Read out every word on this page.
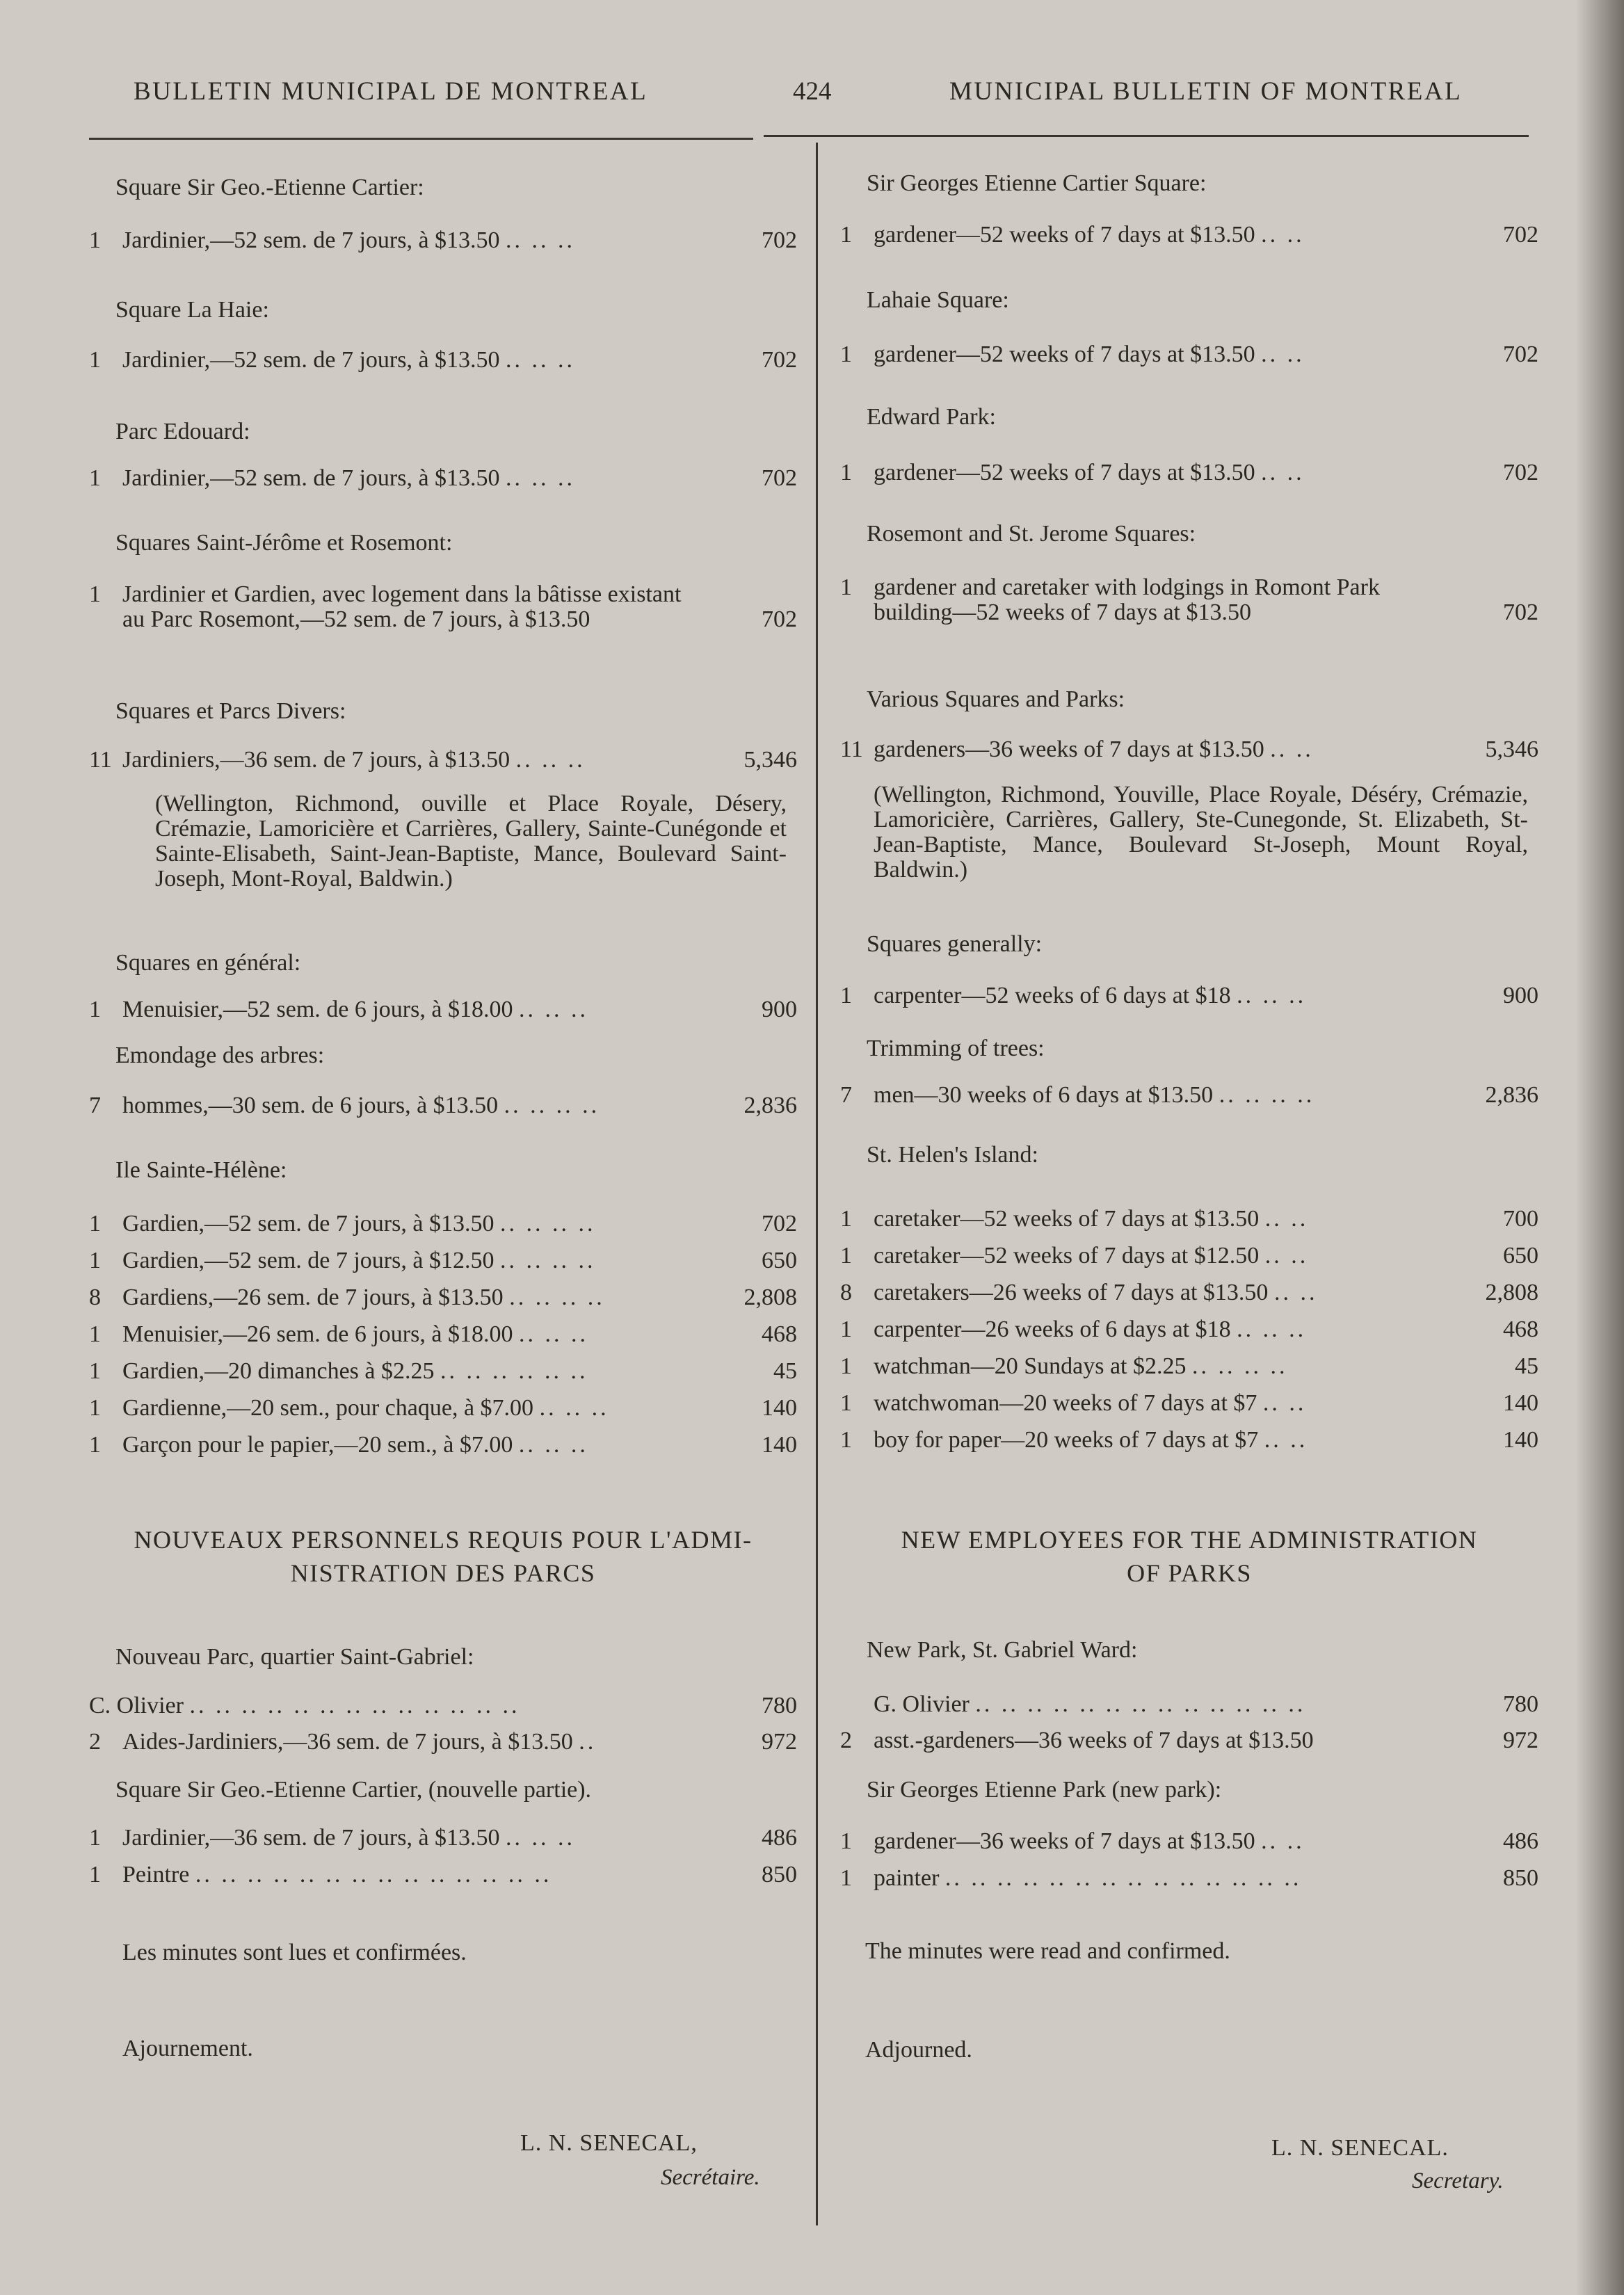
BULLETIN MUNICIPAL DE MONTREAL	424	MUNICIPAL BULLETIN OF MONTREAL
Square Sir Geo.-Etienne Cartier:
1 Jardinier,—52 sem. de 7 jours, à $13.50 .. .. ..	702
Square La Haie:
1 Jardinier,—52 sem. de 7 jours, à $13.50 .. .. ..	702
Parc Edouard:
1 Jardinier,—52 sem. de 7 jours, à $13.50 .. .. ..	702
Squares Saint-Jérôme et Rosemont:
1 Jardinier et Gardien, avec logement dans la bâtisse existant au Parc Rosemont,—52 sem. de 7 jours, à $13.50	702
Squares et Parcs Divers:
11 Jardiniers,—36 sem. de 7 jours, à $13.50 .. .. ..	5,346
(Wellington, Richmond, ouville et Place Royale, Désery, Crémazie, Lamoricière et Carrières, Gallery, Sainte-Cunégonde et Sainte-Elisabeth, Saint-Jean-Baptiste, Mance, Boulevard Saint-Joseph, Mont-Royal, Baldwin.)
Squares en général:
1 Menuisier,—52 sem. de 6 jours, à $18.00 .. .. ..	900
Emondage des arbres:
7 hommes,—30 sem. de 6 jours, à $13.50 .. .. .. ..	2,836
Ile Sainte-Hélène:
1 Gardien,—52 sem. de 7 jours, à $13.50 .. .. .. ..	702
1 Gardien,—52 sem. de 7 jours, à $12.50 .. .. .. ..	650
8 Gardiens,—26 sem. de 7 jours, à $13.50 .. .. .. ..	2,808
1 Menuisier,—26 sem. de 6 jours, à $18.00 .. .. ..	468
1 Gardien,—20 dimanches à $2.25 .. .. .. .. .. ..	45
1 Gardienne,—20 sem., pour chaque, à $7.00 .. .. ..	140
1 Garçon pour le papier,—20 sem., à $7.00 .. .. ..	140
NOUVEAUX PERSONNELS REQUIS POUR L'ADMI-
NISTRATION DES PARCS
Nouveau Parc, quartier Saint-Gabriel:
C. Olivier .. .. .. .. .. .. .. .. .. .. .. .. ..	780
2 Aides-Jardiniers,—36 sem. de 7 jours, à $13.50 ..	972
Square Sir Geo.-Etienne Cartier, (nouvelle partie).
1 Jardinier,—36 sem. de 7 jours, à $13.50 .. .. ..	486
1 Peintre .. .. .. .. .. .. .. .. .. .. .. .. .. ..	850
Les minutes sont lues et confirmées.
Ajournement.
L. N. SENECAL,
Secrétaire.
Sir Georges Etienne Cartier Square:
1 gardener—52 weeks of 7 days at $13.50 .. ..	702
Lahaie Square:
1 gardener—52 weeks of 7 days at $13.50 .. ..	702
Edward Park:
1 gardener—52 weeks of 7 days at $13.50 .. ..	702
Rosemont and St. Jerome Squares:
1 gardener and caretaker with lodgings in Romont Park building—52 weeks of 7 days at $13.50	702
Various Squares and Parks:
11 gardeners—36 weeks of 7 days at $13.50 .. ..	5,346
(Wellington, Richmond, Youville, Place Royale, Déséry, Crémazie, Lamoricière, Carrières, Gallery, Ste-Cunegonde, St. Elizabeth, St-Jean-Baptiste, Mance, Boulevard St-Joseph, Mount Royal, Baldwin.)
Squares generally:
1 carpenter—52 weeks of 6 days at $18 .. .. ..	900
Trimming of trees:
7 men—30 weeks of 6 days at $13.50 .. .. .. ..	2,836
St. Helen's Island:
1 caretaker—52 weeks of 7 days at $13.50 .. ..	700
1 caretaker—52 weeks of 7 days at $12.50 .. ..	650
8 caretakers—26 weeks of 7 days at $13.50 .. ..	2,808
1 carpenter—26 weeks of 6 days at $18 .. .. ..	468
1 watchman—20 Sundays at $2.25 .. .. .. ..	45
1 watchwoman—20 weeks of 7 days at $7 .. ..	140
1 boy for paper—20 weeks of 7 days at $7 .. ..	140
NEW EMPLOYEES FOR THE ADMINISTRATION
OF PARKS
New Park, St. Gabriel Ward:
G. Olivier .. .. .. .. .. .. .. .. .. .. .. .. ..	780
2 asst.-gardeners—36 weeks of 7 days at $13.50	972
Sir Georges Etienne Park (new park):
1 gardener—36 weeks of 7 days at $13.50 .. ..	486
1 painter .. .. .. .. .. .. .. .. .. .. .. .. .. ..	850
The minutes were read and confirmed.
Adjourned.
L. N. SENECAL.
Secretary.
